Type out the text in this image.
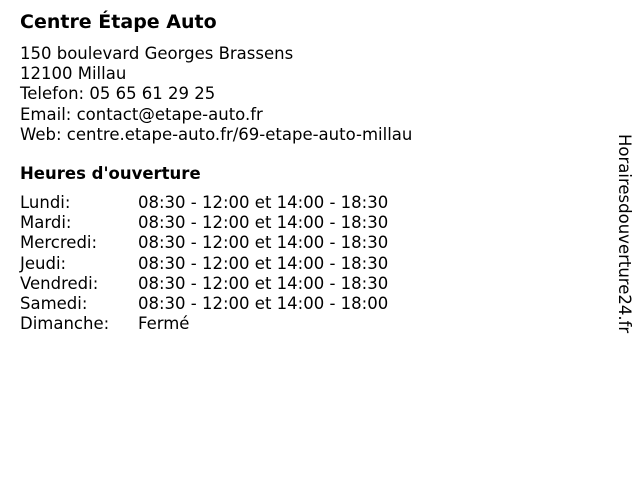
Centre Étape Auto
150 boulevard Georges Brassens
12100 Millau
Telefon: 05 65 61 29 25
Email: contact@etape-auto.fr
Web: centre.etape-auto.fr/69-etape-auto-millau
Heures d'ouverture
Lundi:	08:30 - 12:00 et 14:00 - 18:30
Mardi:	08:30 - 12:00 et 14:00 - 18:30
Mercredi:	08:30 - 12:00 et 14:00 - 18:30
Jeudi:	08:30 - 12:00 et 14:00 - 18:30
Vendredi:	08:30 - 12:00 et 14:00 - 18:30
Samedi:	08:30 - 12:00 et 14:00 - 18:00
Dimanche:	Fermé	Horairesdouverture24.fr
